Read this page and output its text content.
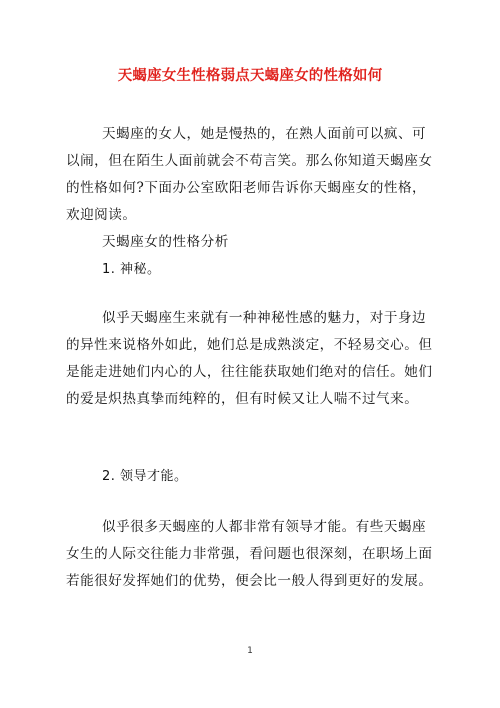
天蝎座女生性格弱点天蝎座女的性格如何

天蝎座的女人，她是慢热的，在熟人面前可以疯、可以闹，但在陌生人面前就会不苟言笑。那么你知道天蝎座女的性格如何?下面办公室欧阳老师告诉你天蝎座女的性格，欢迎阅读。

天蝎座女的性格分析

1. 神秘。

似乎天蝎座生来就有一种神秘性感的魅力，对于身边的异性来说格外如此，她们总是成熟淡定，不轻易交心。但是能走进她们内心的人，往往能获取她们绝对的信任。她们的爱是炽热真挚而纯粹的，但有时候又让人喘不过气来。

2. 领导才能。

似乎很多天蝎座的人都非常有领导才能。有些天蝎座女生的人际交往能力非常强，看问题也很深刻，在职场上面若能很好发挥她们的优势，便会比一般人得到更好的发展。

1
